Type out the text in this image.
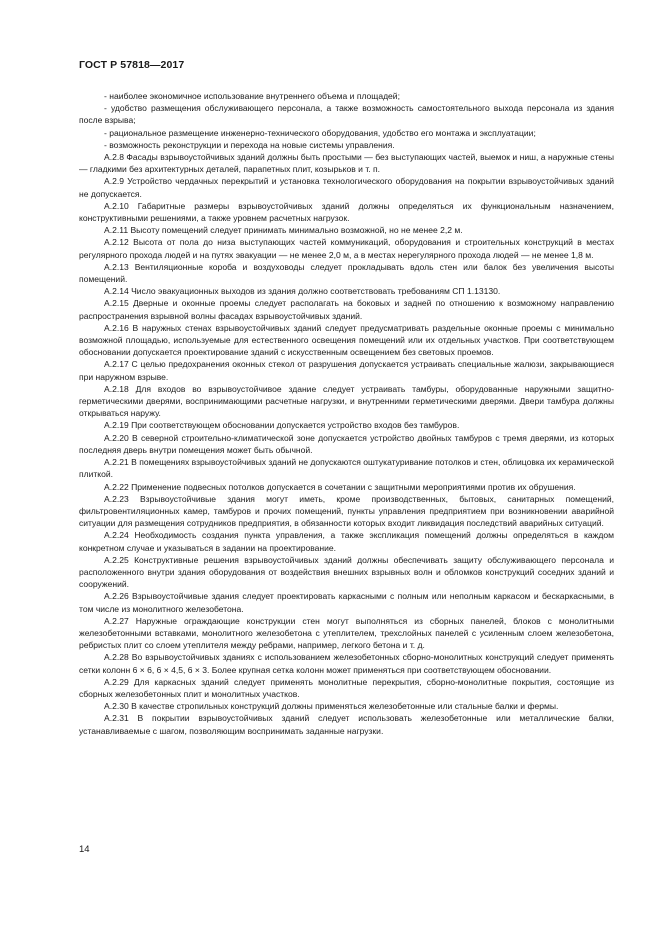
ГОСТ Р 57818—2017

- наиболее экономичное использование внутреннего объема и площадей;

- удобство размещения обслуживающего персонала, а также возможность самостоятельного выхода персонала из здания после взрыва;

- рациональное размещение инженерно-технического оборудования, удобство его монтажа и эксплуатации;

- возможность реконструкции и перехода на новые системы управления.

А.2.8 Фасады взрывоустойчивых зданий должны быть простыми — без выступающих частей, выемок и ниш, а наружные стены — гладкими без архитектурных деталей, парапетных плит, козырьков и т. п.

А.2.9 Устройство чердачных перекрытий и установка технологического оборудования на покрытии взрывоустойчивых зданий не допускается.

А.2.10 Габаритные размеры взрывоустойчивых зданий должны определяться их функциональным назначением, конструктивными решениями, а также уровнем расчетных нагрузок.

А.2.11 Высоту помещений следует принимать минимально возможной, но не менее 2,2 м.

А.2.12 Высота от пола до низа выступающих частей коммуникаций, оборудования и строительных конструкций в местах регулярного прохода людей и на путях эвакуации — не менее 2,0 м, а в местах нерегулярного прохода людей — не менее 1,8 м.

А.2.13 Вентиляционные короба и воздуховоды следует прокладывать вдоль стен или балок без увеличения высоты помещений.

А.2.14 Число эвакуационных выходов из здания должно соответствовать требованиям СП 1.13130.

А.2.15 Дверные и оконные проемы следует располагать на боковых и задней по отношению к возможному направлению распространения взрывной волны фасадах взрывоустойчивых зданий.

А.2.16 В наружных стенах взрывоустойчивых зданий следует предусматривать раздельные оконные проемы с минимально возможной площадью, используемые для естественного освещения помещений или их отдельных участков. При соответствующем обосновании допускается проектирование зданий с искусственным освещением без световых проемов.

А.2.17 С целью предохранения оконных стекол от разрушения допускается устраивать специальные жалюзи, закрывающиеся при наружном взрыве.

А.2.18 Для входов во взрывоустойчивое здание следует устраивать тамбуры, оборудованные наружными защитно-герметическими дверями, воспринимающими расчетные нагрузки, и внутренними герметическими дверями. Двери тамбура должны открываться наружу.

А.2.19 При соответствующем обосновании допускается устройство входов без тамбуров.

А.2.20 В северной строительно-климатической зоне допускается устройство двойных тамбуров с тремя дверями, из которых последняя дверь внутри помещения может быть обычной.

А.2.21 В помещениях взрывоустойчивых зданий не допускаются оштукатуривание потолков и стен, облицовка их керамической плиткой.

А.2.22 Применение подвесных потолков допускается в сочетании с защитными мероприятиями против их обрушения.

А.2.23 Взрывоустойчивые здания могут иметь, кроме производственных, бытовых, санитарных помещений, фильтровентиляционных камер, тамбуров и прочих помещений, пункты управления предприятием при возникновении аварийной ситуации для размещения сотрудников предприятия, в обязанности которых входит ликвидация последствий аварийных ситуаций.

А.2.24 Необходимость создания пункта управления, а также экспликация помещений должны определяться в каждом конкретном случае и указываться в задании на проектирование.

А.2.25 Конструктивные решения взрывоустойчивых зданий должны обеспечивать защиту обслуживающего персонала и расположенного внутри здания оборудования от воздействия внешних взрывных волн и обломков конструкций соседних зданий и сооружений.

А.2.26 Взрывоустойчивые здания следует проектировать каркасными с полным или неполным каркасом и бескаркасными, в том числе из монолитного железобетона.

А.2.27 Наружные ограждающие конструкции стен могут выполняться из сборных панелей, блоков с монолитными железобетонными вставками, монолитного железобетона с утеплителем, трехслойных панелей с усиленным слоем железобетона, ребристых плит со слоем утеплителя между ребрами, например, легкого бетона и т. д.

А.2.28 Во взрывоустойчивых зданиях с использованием железобетонных сборно-монолитных конструкций следует применять сетки колонн 6 × 6, 6 × 4,5, 6 × 3. Более крупная сетка колонн может применяться при соответствующем обосновании.

А.2.29 Для каркасных зданий следует применять монолитные перекрытия, сборно-монолитные покрытия, состоящие из сборных железобетонных плит и монолитных участков.

А.2.30 В качестве стропильных конструкций должны применяться железобетонные или стальные балки и фермы.

А.2.31 В покрытии взрывоустойчивых зданий следует использовать железобетонные или металлические балки, устанавливаемые с шагом, позволяющим воспринимать заданные нагрузки.

14
